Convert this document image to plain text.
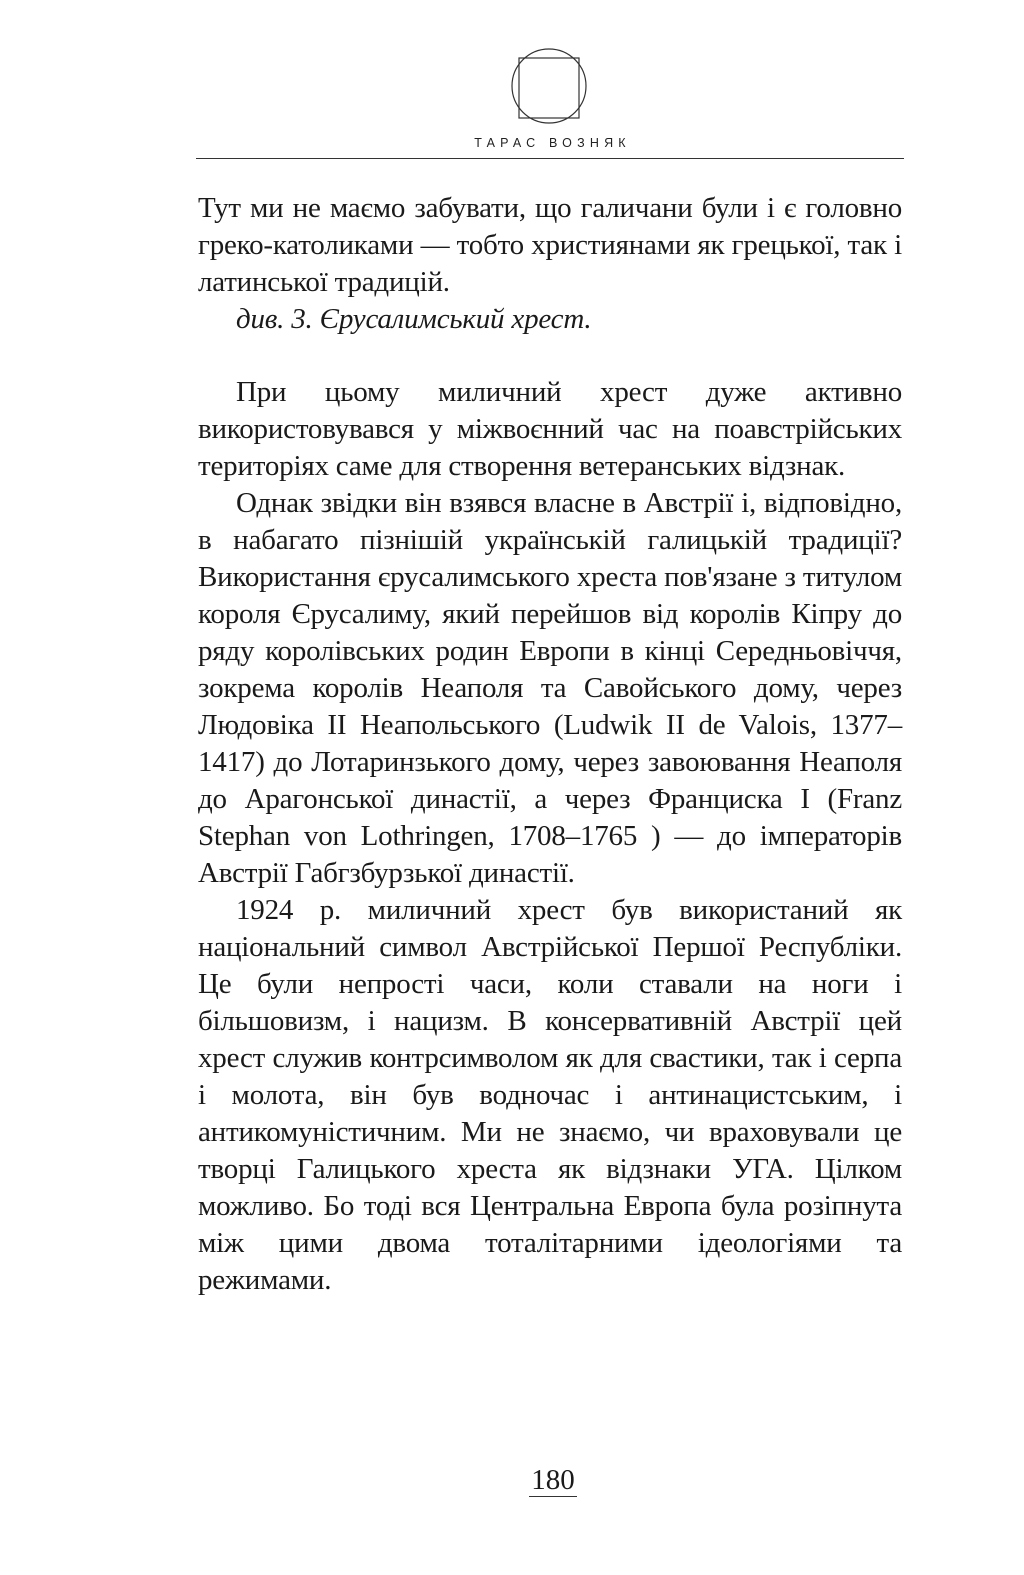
ТАРАС ВОЗНЯК

Тут ми не маємо забувати, що галичани були і є головно греко-католиками — тобто християнами як грецької, так і латинської традицій.

див. 3. Єрусалимський хрест.

При цьому миличний хрест дуже активно використовувався у міжвоєнний час на поавстрійських територіях саме для створення ветеранських відзнак.

Однак звідки він взявся власне в Австрії і, відповідно, в набагато пізнішій українській галицькій традиції? Використання єрусалимського хреста пов'язане з титулом короля Єрусалиму, який перейшов від королів Кіпру до ряду королівських родин Европи в кінці Середньовіччя, зокрема королів Неаполя та Савойського дому, через Людовіка II Неапольського (Ludwik II de Valois, 1377–1417) до Лотаринзького дому, через завоювання Неаполя до Арагонської династії, а через Франциска I (Franz Stephan von Lothringen, 1708–1765 ) — до імператорів Австрії Габгзбурзької династії.

1924 р. миличний хрест був використаний як національний символ Австрійської Першої Республіки. Це були непрості часи, коли ставали на ноги і більшовизм, і нацизм. В консервативній Австрії цей хрест служив контрсимволом як для свастики, так і серпа і молота, він був водночас і антинацистським, і антикомуністичним. Ми не знаємо, чи враховували це творці Галицького хреста як відзнаки УГА. Цілком можливо. Бо тоді вся Центральна Европа була розіпнута між цими двома тоталітарними ідеологіями та режимами.

180
